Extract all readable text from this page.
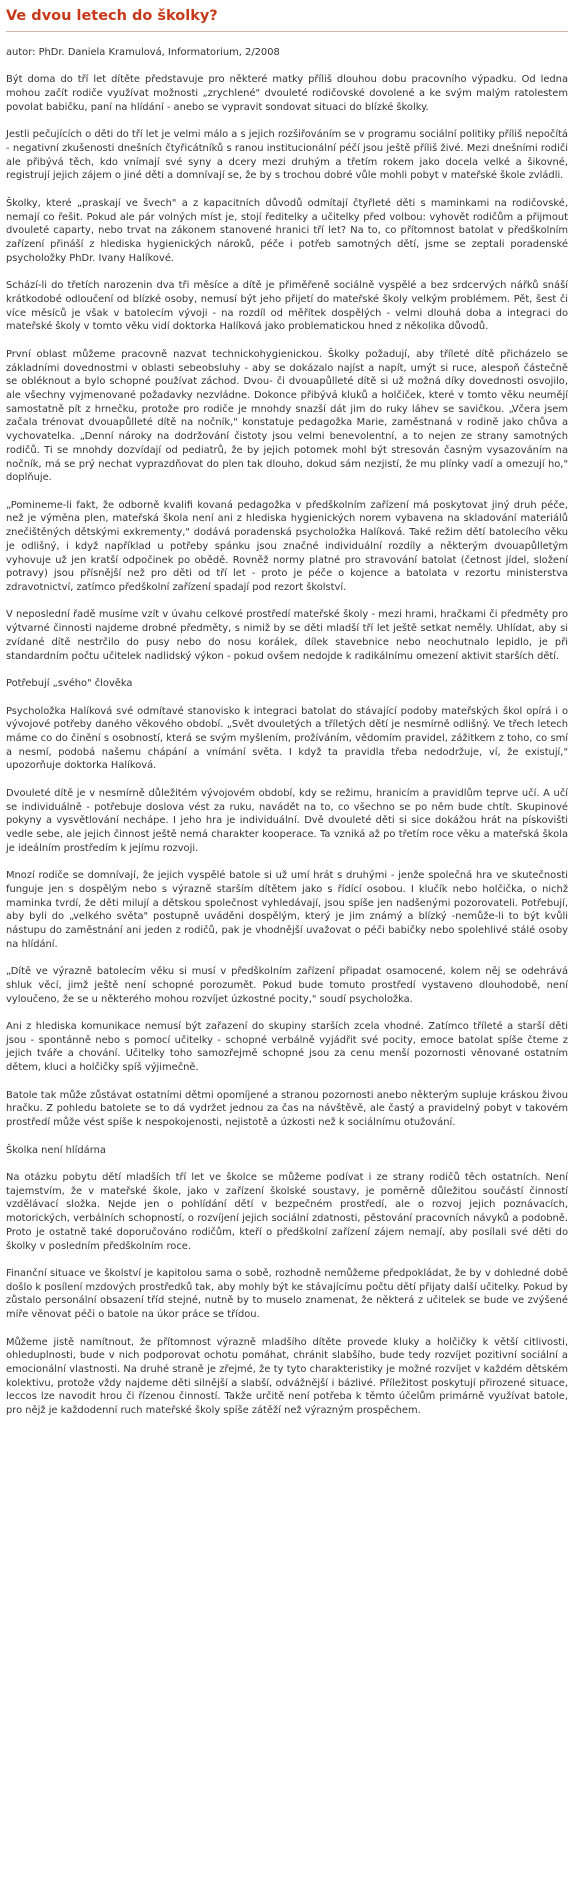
Ve dvou letech do školky?

autor: PhDr. Daniela Kramulová, Informatorium, 2/2008

Být doma do tří let dítěte představuje pro některé matky příliš dlouhou dobu pracovního výpadku. Od ledna mohou začít rodiče využívat možnosti „zrychlené" dvouleté rodičovské dovolené a ke svým malým ratolestem povolat babičku, paní na hlídání - anebo se vypravit sondovat situaci do blízké školky.

Jestli pečujících o děti do tří let je velmi málo a s jejich rozšiřováním se v programu sociální politiky příliš nepočítá - negativní zkušenosti dnešních čtyřicátníků s ranou institucionální péčí jsou ještě příliš živé. Mezi dnešními rodiči ale přibývá těch, kdo vnímají své syny a dcery mezi druhým a třetím rokem jako docela velké a šikovné, registrují jejich zájem o jiné děti a domnívají se, že by s trochou dobré vůle mohli pobyt v mateřské škole zvládli.

Školky, které „praskají ve švech" a z kapacitních důvodů odmítají čtyřleté děti s maminkami na rodičovské, nemají co řešit. Pokud ale pár volných míst je, stojí ředitelky a učitelky před volbou: vyhovět rodičům a přijmout dvouleté caparty, nebo trvat na zákonem stanovené hranici tří let? Na to, co přítomnost batolat v předškolním zařízení přináší z hlediska hygienických nároků, péče i potřeb samotných dětí, jsme se zeptali poradenské psycholožky PhDr. Ivany Halíkové.

Schází-li do třetích narozenin dva tři měsíce a dítě je přiměřeně sociálně vyspělé a bez srdcervých nářků snáší krátkodobé odloučení od blízké osoby, nemusí být jeho přijetí do mateřské školy velkým problémem. Pět, šest či více měsíců je však v batolecím vývoji - na rozdíl od měřítek dospělých - velmi dlouhá doba a integraci do mateřské školy v tomto věku vidí doktorka Halíková jako problematickou hned z několika důvodů.

První oblast můžeme pracovně nazvat technickohygienickou. Školky požadují, aby tříleté dítě přicházelo se základními dovednostmi v oblasti sebeobsluhy - aby se dokázalo najíst a napít, umýt si ruce, alespoň částečně se obléknout a bylo schopné používat záchod. Dvou- či dvouapůlleté dítě si už možná díky dovednosti osvojilo, ale všechny vyjmenované požadavky nezvládne. Dokonce přibývá kluků a holčiček, které v tomto věku neumějí samostatně pít z hrnečku, protože pro rodiče je mnohdy snazší dát jim do ruky láhev se savičkou. „Včera jsem začala trénovat dvouapůlleté dítě na nočník," konstatuje pedagožka Marie, zaměstnaná v rodině jako chůva a vychovatelka. „Denní nároky na dodržování čistoty jsou velmi benevolentní, a to nejen ze strany samotných rodičů. Ti se mnohdy dozvídají od pediatrů, že by jejich potomek mohl být stresován časným vysazováním na nočník, má se prý nechat vyprazdňovat do plen tak dlouho, dokud sám nezjistí, že mu plínky vadí a omezují ho," doplňuje.

„Pomineme-li fakt, že odborně kvalifi kovaná pedagožka v předškolním zařízení má poskytovat jiný druh péče, než je výměna plen, mateřská škola není ani z hlediska hygienických norem vybavena na skladování materiálů znečištěných dětskými exkrementy," dodává poradenská psycholožka Halíková. Také režim dětí batolecího věku je odlišný, i když například u potřeby spánku jsou značné individuální rozdíly a některým dvouapůlletým vyhovuje už jen kratší odpočinek po obědě. Rovněž normy platné pro stravování batolat (četnost jídel, složení potravy) jsou přísnější než pro děti od tří let - proto je péče o kojence a batolata v rezortu ministerstva zdravotnictví, zatímco předškolní zařízení spadají pod rezort školství.

V neposlední řadě musíme vzít v úvahu celkové prostředí mateřské školy - mezi hrami, hračkami či předměty pro výtvarné činnosti najdeme drobné předměty, s nimiž by se děti mladší tří let ještě setkat neměly. Uhlídat, aby si zvídané dítě nestrčilo do pusy nebo do nosu korálek, dílek stavebnice nebo neochutnalo lepidlo, je při standardním počtu učitelek nadlidský výkon - pokud ovšem nedojde k radikálnímu omezení aktivit starších dětí.

Potřebují „svého" člověka

Psycholožka Halíková své odmítavé stanovisko k integraci batolat do stávající podoby mateřských škol opírá i o vývojové potřeby daného věkového období. „Svět dvouletých a tříletých dětí je nesmírně odlišný. Ve třech letech máme co do činění s osobností, která se svým myšlením, prožíváním, vědomím pravidel, zážitkem z toho, co smí a nesmí, podobá našemu chápání a vnímání světa. I když ta pravidla třeba nedodržuje, ví, že existují," upozorňuje doktorka Halíková.

Dvouleté dítě je v nesmírně důležitém vývojovém období, kdy se režimu, hranicím a pravidlům teprve učí. A učí se individuálně - potřebuje doslova vést za ruku, navádět na to, co všechno se po něm bude chtít. Skupinové pokyny a vysvětlování nechápe. I jeho hra je individuální. Dvě dvouleté děti si sice dokážou hrát na pískovišti vedle sebe, ale jejich činnost ještě nemá charakter kooperace. Ta vzniká až po třetím roce věku a mateřská škola je ideálním prostředím k jejímu rozvoji.

Mnozí rodiče se domnívají, že jejich vyspělé batole si už umí hrát s druhými - jenže společná hra ve skutečnosti funguje jen s dospělým nebo s výrazně starším dítětem jako s řídící osobou. I klučík nebo holčička, o nichž maminka tvrdí, že děti milují a dětskou společnost vyhledávají, jsou spíše jen nadšenými pozorovateli. Potřebují, aby byli do „velkého světa" postupně uváděni dospělým, který je jim známý a blízký -nemůže-li to být kvůli nástupu do zaměstnání ani jeden z rodičů, pak je vhodnější uvažovat o péči babičky nebo spolehlivé stálé osoby na hlídání.

„Dítě ve výrazně batolecím věku si musí v předškolním zařízení připadat osamocené, kolem něj se odehrává shluk věcí, jimž ještě není schopné porozumět. Pokud bude tomuto prostředí vystaveno dlouhodobě, není vyloučeno, že se u některého mohou rozvíjet úzkostné pocity," soudí psycholožka.

Ani z hlediska komunikace nemusí být zařazení do skupiny starších zcela vhodné. Zatímco tříleté a starší děti jsou - spontánně nebo s pomocí učitelky - schopné verbálně vyjádřit své pocity, emoce batolat spíše čteme z jejich tváře a chování. Učitelky toho samozřejmě schopné jsou za cenu menší pozornosti věnované ostatním dětem, kluci a holčičky spíš výjimečně.

Batole tak může zůstávat ostatními dětmi opomíjené a stranou pozornosti anebo některým supluje kráskou živou hračku. Z pohledu batolete se to dá vydržet jednou za čas na návštěvě, ale častý a pravidelný pobyt v takovém prostředí může vést spíše k nespokojenosti, nejistotě a úzkosti než k sociálnímu otužování.

Školka není hlídárna

Na otázku pobytu dětí mladších tří let ve školce se můžeme podívat i ze strany rodičů těch ostatních. Není tajemstvím, že v mateřské škole, jako v zařízení školské soustavy, je poměrně důležitou součástí činností vzdělávací složka. Nejde jen o pohlídání dětí v bezpečném prostředí, ale o rozvoj jejich poznávacích, motorických, verbálních schopností, o rozvíjení jejich sociální zdatnosti, pěstování pracovních návyků a podobně. Proto je ostatně také doporučováno rodičům, kteří o předškolní zařízení zájem nemají, aby posílali své děti do školky v posledním předškolním roce.

Finanční situace ve školství je kapitolou sama o sobě, rozhodně nemůžeme předpokládat, že by v dohledné době došlo k posílení mzdových prostředků tak, aby mohly být ke stávajícímu počtu dětí přijaty další učitelky. Pokud by zůstalo personální obsazení tříd stejné, nutně by to muselo znamenat, že některá z učitelek se bude ve zvýšené míře věnovat péči o batole na úkor práce se třídou.

Můžeme jistě namítnout, že přítomnost výrazně mladšího dítěte provede kluky a holčičky k větší citlivosti, ohleduplnosti, bude v nich podporovat ochotu pomáhat, chránit slabšího, bude tedy rozvíjet pozitivní sociální a emocionální vlastnosti. Na druhé straně je zřejmé, že ty tyto charakteristiky je možné rozvíjet v každém dětském kolektivu, protože vždy najdeme děti silnější a slabší, odvážnější i bázlivé. Příležitost poskytují přirozené situace, leccos lze navodit hrou či řízenou činností. Takže určitě není potřeba k těmto účelům primárně využívat batole, pro nějž je každodenní ruch mateřské školy spíše zátěží než výrazným prospěchem.
